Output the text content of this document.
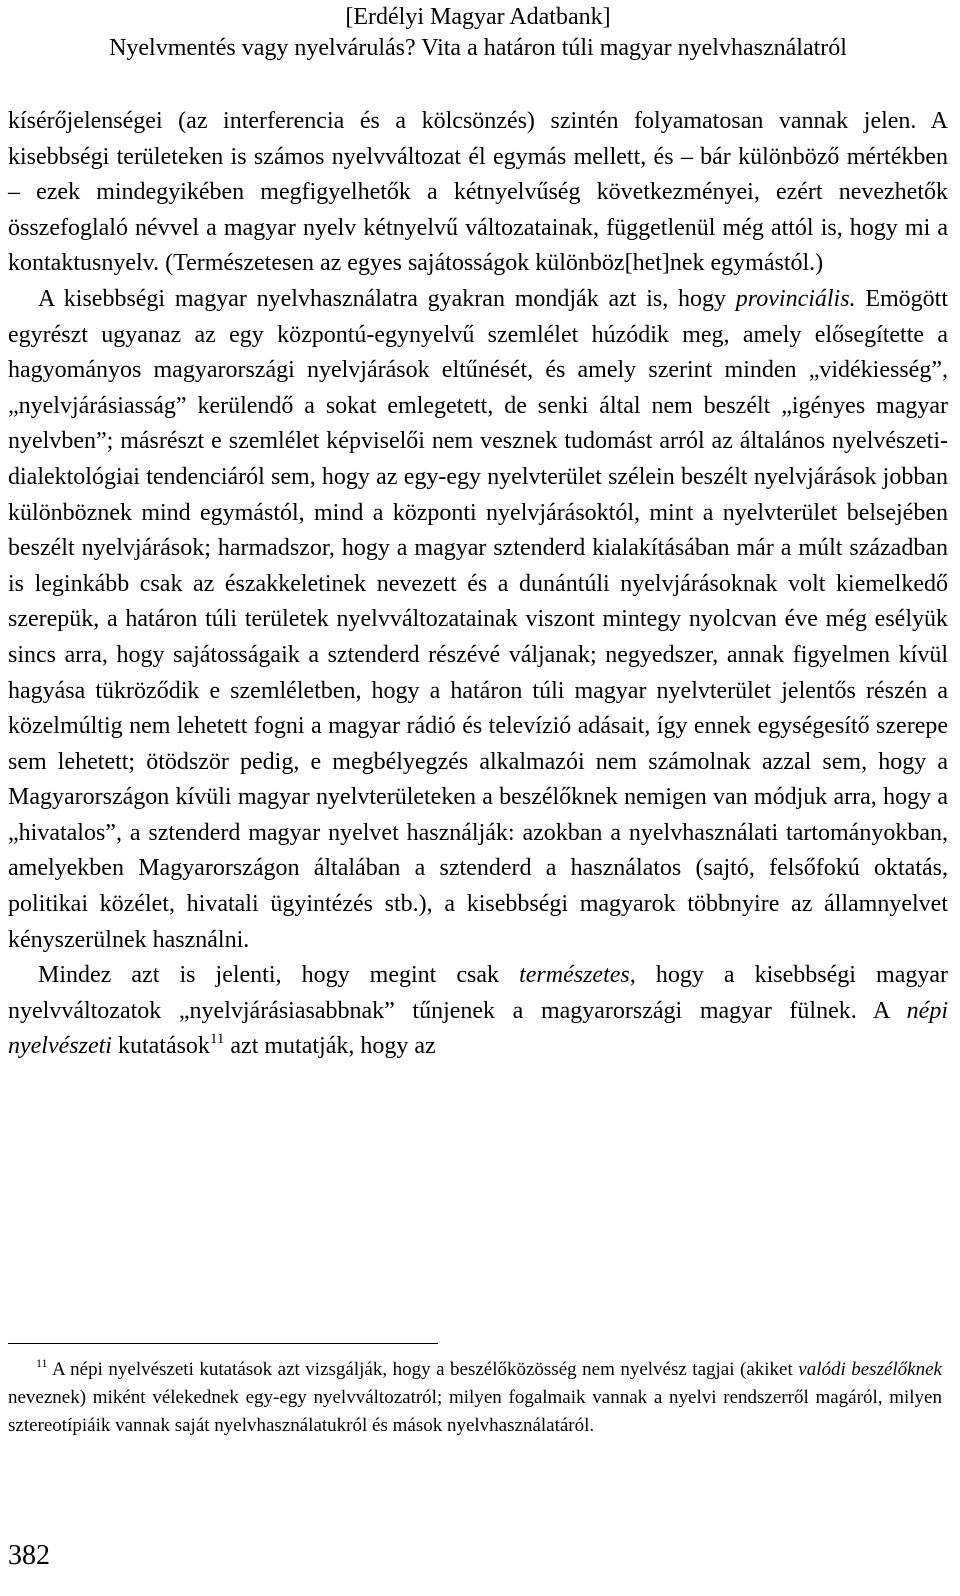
[Erdélyi Magyar Adatbank]
Nyelvmentés vagy nyelvárulás? Vita a határon túli magyar nyelvhasználatról

kísérőjelenségei (az interferencia és a kölcsönzés) szintén folyamatosan vannak jelen. A kisebbségi területeken is számos nyelvváltozat él egymás mellett, és – bár különböző mértékben – ezek mindegyikében megfigyelhetők a kétnyelvűség következményei, ezért nevezhetők összefoglaló névvel a magyar nyelv kétnyelvű változatainak, függetlenül még attól is, hogy mi a kontaktusnyelv. (Természetesen az egyes sajátosságok különböz[het]nek egymástól.)

A kisebbségi magyar nyelvhasználatra gyakran mondják azt is, hogy provinciális. Emögött egyrészt ugyanaz az egy központú-egynyelvű szemlélet húzódik meg, amely elősegítette a hagyományos magyarországi nyelvjárások eltűnését, és amely szerint minden „vidékiesség”, „nyelvjárásiasság” kerülendő a sokat emlegetett, de senki által nem beszélt „igényes magyar nyelvben”; másrészt e szemlélet képviselői nem vesznek tudomást arról az általános nyelvészeti-dialektológiai tendenciáról sem, hogy az egy-egy nyelvterület szélein beszélt nyelvjárások jobban különböznek mind egymástól, mind a központi nyelvjárásoktól, mint a nyelvterület belsejében beszélt nyelvjárások; harmadszor, hogy a magyar sztenderd kialakításában már a múlt században is leginkább csak az északkeletinek nevezett és a dunántúli nyelvjárásoknak volt kiemelkedő szerepük, a határon túli területek nyelvváltozatainak viszont mintegy nyolcvan éve még esélyük sincs arra, hogy sajátosságaik a sztenderd részévé váljanak; negyedszer, annak figyelmen kívül hagyása tükröződik e szemléletben, hogy a határon túli magyar nyelvterület jelentős részén a közelmúltig nem lehetett fogni a magyar rádió és televízió adásait, így ennek egységesítő szerepe sem lehetett; ötödször pedig, e megbélyegzés alkalmazói nem számolnak azzal sem, hogy a Magyarországon kívüli magyar nyelvterületeken a beszélőknek nemigen van módjuk arra, hogy a „hivatalos”, a sztenderd magyar nyelvet használják: azokban a nyelvhasználati tartományokban, amelyekben Magyarországon általában a sztenderd a használatos (sajtó, felsőfokú oktatás, politikai közélet, hivatali ügyintézés stb.), a kisebbségi magyarok többnyire az államnyelvet kényszerülnek használni.

Mindez azt is jelenti, hogy megint csak természetes, hogy a kisebbségi magyar nyelvváltozatok „nyelvjárásiasabbnak” tűnjenek a magyarországi magyar fülnek. A népi nyelvészeti kutatások$^{11}$ azt mutatják, hogy az

$^{11}$ A népi nyelvészeti kutatások azt vizsgálják, hogy a beszélőközösség nem nyelvész tagjai (akiket valódi beszélőknek neveznek) miként vélekednek egy-egy nyelvváltozatról; milyen fogalmaik vannak a nyelvi rendszerről magáról, milyen sztereotípiáik vannak saját nyelvhasználatukról és mások nyelvhasználatáról.
382
